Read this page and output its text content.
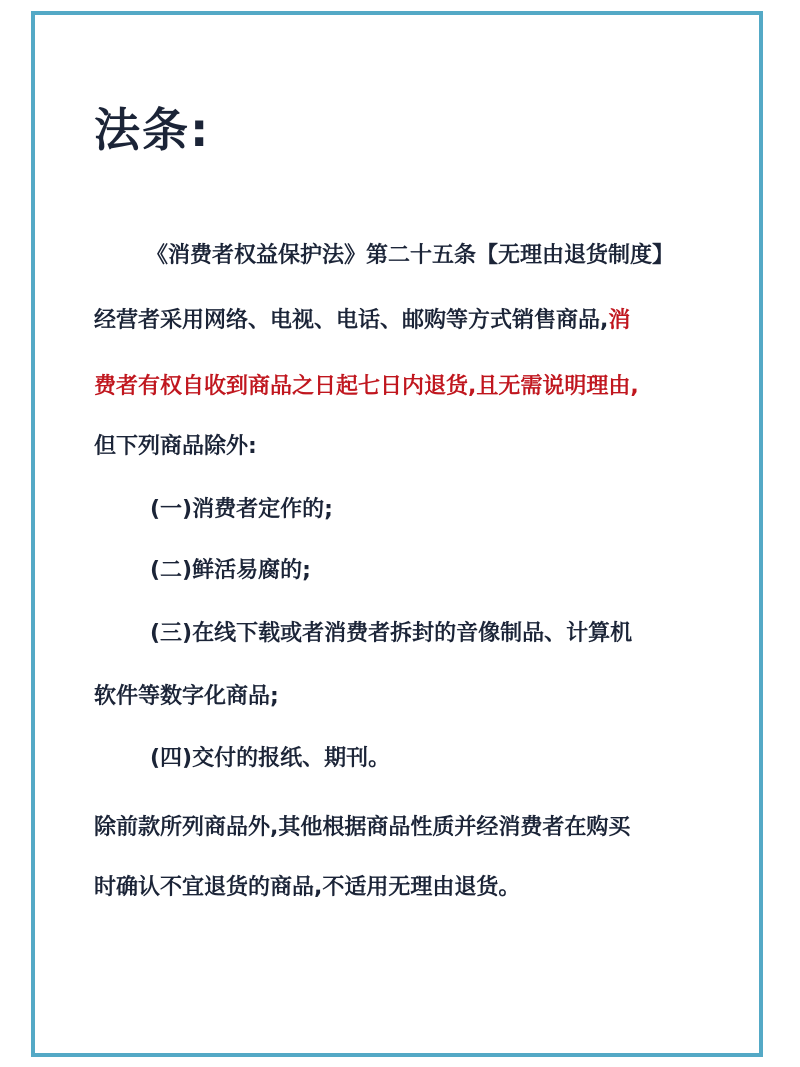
法条:
《消费者权益保护法》第二十五条【无理由退货制度】
经营者采用网络、电视、电话、邮购等方式销售商品,消
费者有权自收到商品之日起七日内退货,且无需说明理由,
但下列商品除外:
(一)消费者定作的;
(二)鲜活易腐的;
(三)在线下载或者消费者拆封的音像制品、计算机
软件等数字化商品;
(四)交付的报纸、期刊。
除前款所列商品外,其他根据商品性质并经消费者在购买
时确认不宜退货的商品,不适用无理由退货。
